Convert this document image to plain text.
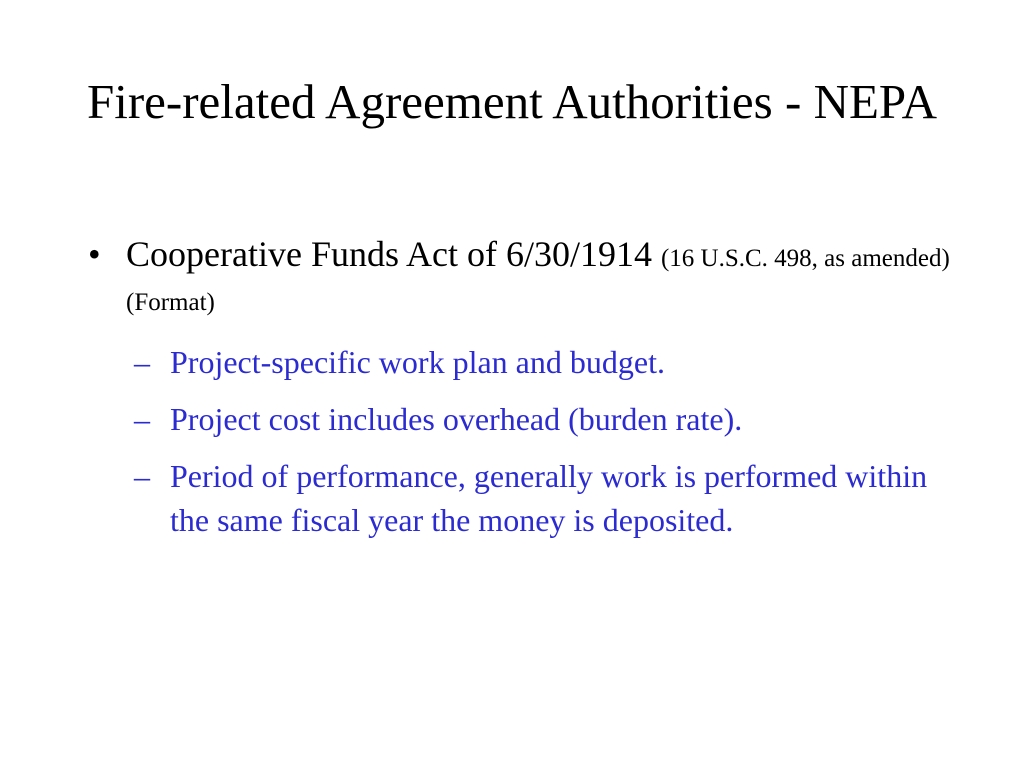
Fire-related Agreement Authorities - NEPA
• Cooperative Funds Act of 6/30/1914 (16 U.S.C. 498, as amended) (Format)
– Project-specific work plan and budget.
– Project cost includes overhead (burden rate).
– Period of performance, generally work is performed within the same fiscal year the money is deposited.
